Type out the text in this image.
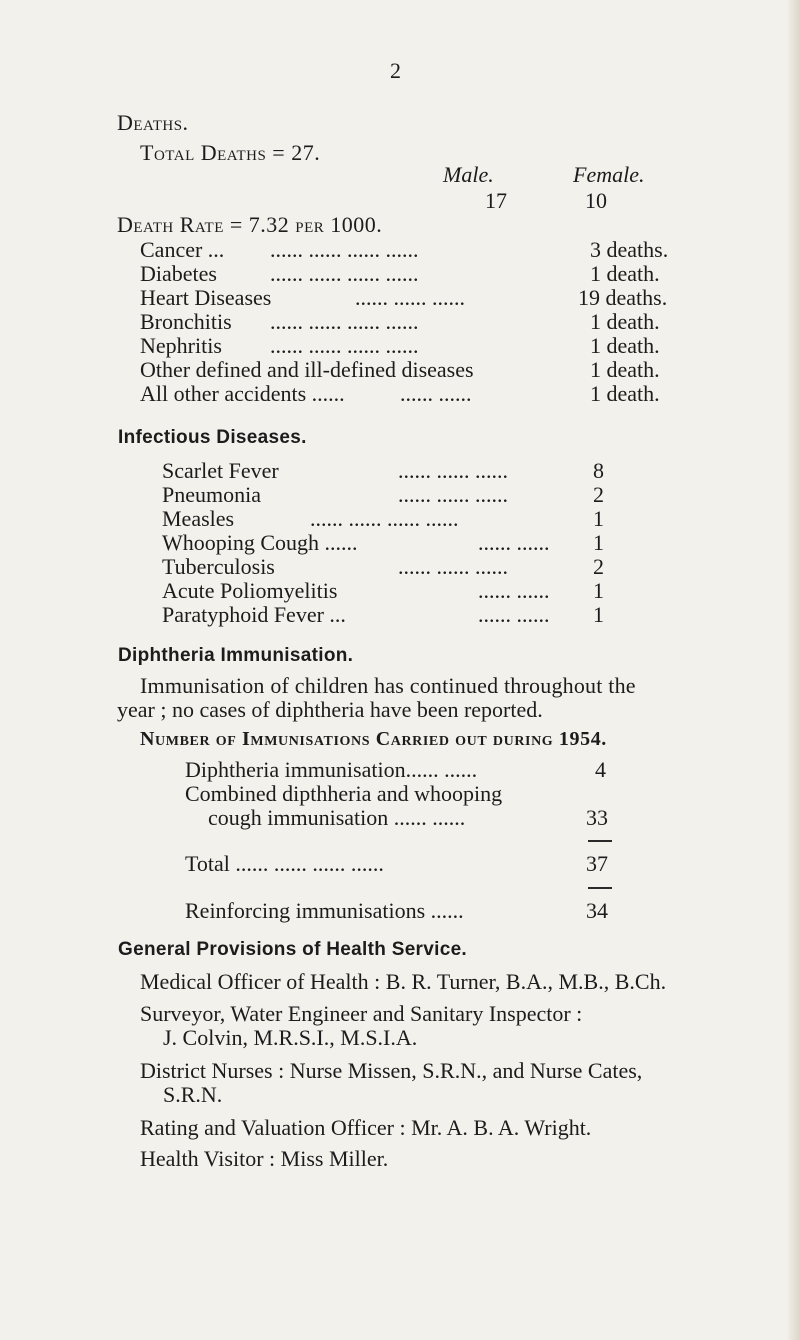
2
Deaths.
Total Deaths = 27.
Male.	Female.
17	10
Death Rate = 7.32 per 1000.
Cancer ... ...... ...... ...... ......	3 deaths.
Diabetes ...... ...... ...... ......	1 death.
Heart Diseases	...... ...... ......	19 deaths.
Bronchitis ...... ...... ...... ......	1 death.
Nephritis ...... ...... ...... ......	1 death.
Other defined and ill-defined diseases	1 death.
All other accidents ......	...... ......	1 death.
Infectious Diseases.
Scarlet Fever	...... ...... ......	8
Pneumonia	...... ...... ......	2
Measles	...... ...... ...... ......	1
Whooping Cough ......	...... ...... 1
Tuberculosis	...... ...... ......	2
Acute Poliomyelitis	...... ...... 1
Paratyphoid Fever ...	...... ...... 1
Diphtheria Immunisation.
Immunisation of children has continued throughout the
year ; no cases of diphtheria have been reported.
Number of Immunisations Carried out during 1954.
Diphtheria immunisation...... ......	4
Combined dipthheria and whooping
cough immunisation ...... ......	33
Total ...... ...... ...... ......	37
Reinforcing immunisations ......	34
General Provisions of Health Service.
Medical Officer of Health : B. R. Turner, B.A., M.B., B.Ch.
Surveyor, Water Engineer and Sanitary Inspector :
J. Colvin, M.R.S.I., M.S.I.A.
District Nurses : Nurse Missen, S.R.N., and Nurse Cates,
S.R.N.
Rating and Valuation Officer : Mr. A. B. A. Wright.
Health Visitor : Miss Miller.
